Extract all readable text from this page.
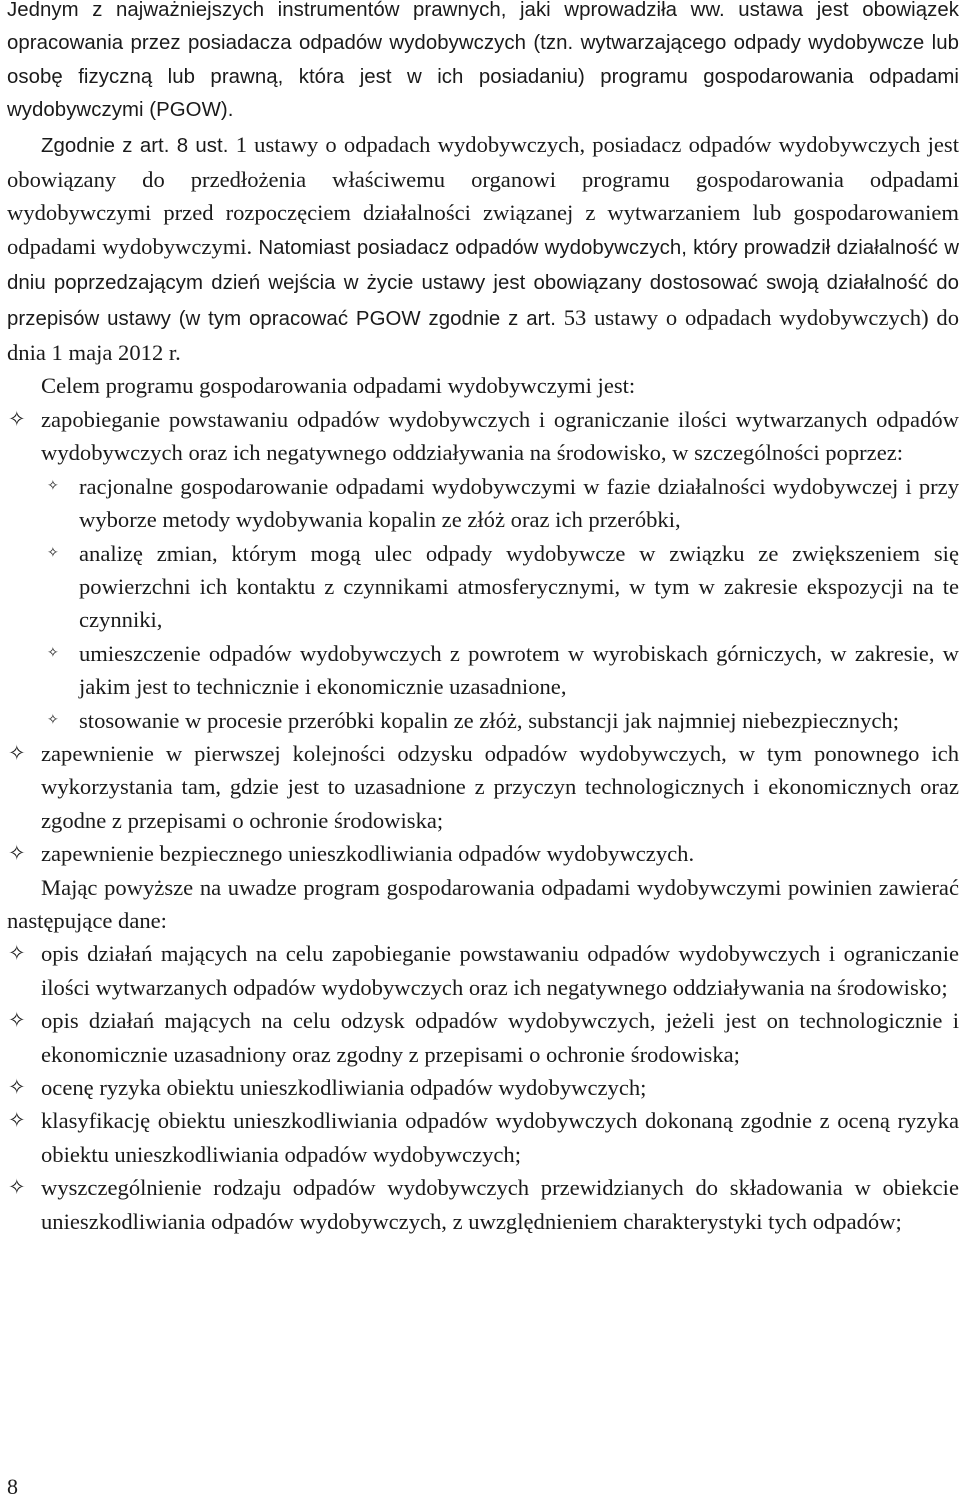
Jednym z najważniejszych instrumentów prawnych, jaki wprowadziła ww. ustawa jest obowiązek opracowania przez posiadacza odpadów wydobywczych (tzn. wytwarzającego odpady wydobywcze lub osobę fizyczną lub prawną, która jest w ich posiadaniu) programu gospodarowania odpadami wydobywczymi (PGOW).

Zgodnie z art. 8 ust. 1 ustawy o odpadach wydobywczych, posiadacz odpadów wydobywczych jest obowiązany do przedłożenia właściwemu organowi programu gospodarowania odpadami wydobywczymi przed rozpoczęciem działalności związanej z wytwarzaniem lub gospodarowaniem odpadami wydobywczymi. Natomiast posiadacz odpadów wydobywczych, który prowadził działalność w dniu poprzedzającym dzień wejścia w życie ustawy jest obowiązany dostosować swoją działalność do przepisów ustawy (w tym opracować PGOW zgodnie z art. 53 ustawy o odpadach wydobywczych) do dnia 1 maja 2012 r.

Celem programu gospodarowania odpadami wydobywczymi jest:

✧ zapobieganie powstawaniu odpadów wydobywczych i ograniczanie ilości wytwarzanych odpadów wydobywczych oraz ich negatywnego oddziaływania na środowisko, w szczególności poprzez:

✧ racjonalne gospodarowanie odpadami wydobywczymi w fazie działalności wydobywczej i przy wyborze metody wydobywania kopalin ze złóż oraz ich przeróbki,

✧ analizę zmian, którym mogą ulec odpady wydobywcze w związku ze zwiększeniem się powierzchni ich kontaktu z czynnikami atmosferycznymi, w tym w zakresie ekspozycji na te czynniki,

✧ umieszczenie odpadów wydobywczych z powrotem w wyrobiskach górniczych, w zakresie, w jakim jest to technicznie i ekonomicznie uzasadnione,

✧ stosowanie w procesie przeróbki kopalin ze złóż, substancji jak najmniej niebezpiecznych;

✧ zapewnienie w pierwszej kolejności odzysku odpadów wydobywczych, w tym ponownego ich wykorzystania tam, gdzie jest to uzasadnione z przyczyn technologicznych i ekonomicznych oraz zgodne z przepisami o ochronie środowiska;

✧ zapewnienie bezpiecznego unieszkodliwiania odpadów wydobywczych.

Mając powyższe na uwadze program gospodarowania odpadami wydobywczymi powinien zawierać następujące dane:

✧ opis działań mających na celu zapobieganie powstawaniu odpadów wydobywczych i ograniczanie ilości wytwarzanych odpadów wydobywczych oraz ich negatywnego oddziaływania na środowisko;

✧ opis działań mających na celu odzysk odpadów wydobywczych, jeżeli jest on technologicznie i ekonomicznie uzasadniony oraz zgodny z przepisami o ochronie środowiska;

✧ ocenę ryzyka obiektu unieszkodliwiania odpadów wydobywczych;

✧ klasyfikację obiektu unieszkodliwiania odpadów wydobywczych dokonaną zgodnie z oceną ryzyka obiektu unieszkodliwiania odpadów wydobywczych;

✧ wyszczególnienie rodzaju odpadów wydobywczych przewidzianych do składowania w obiekcie unieszkodliwiania odpadów wydobywczych, z uwzględnieniem charakterystyki tych odpadów;

8
